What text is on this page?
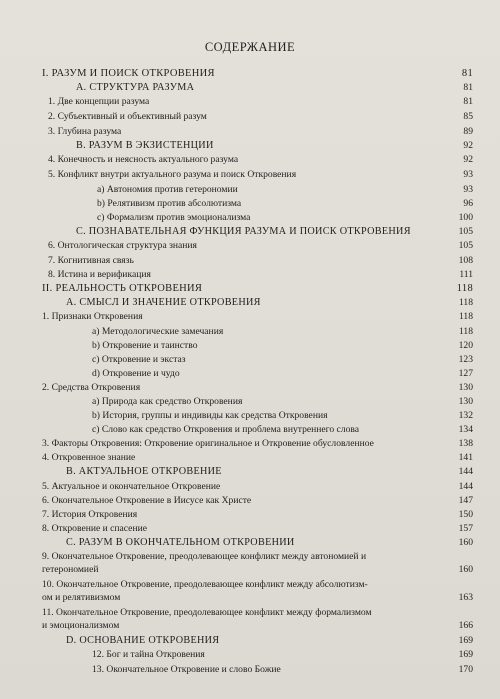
СОДЕРЖАНИЕ
I. РАЗУМ И ПОИСК ОТКРОВЕНИЯ	81
А. СТРУКТУРА РАЗУМА	81
1. Две концепции разума	81
2. Субъективный и объективный разум	85
3. Глубина разума	89
В. РАЗУМ В ЭКЗИСТЕНЦИИ	92
4. Конечность и неясность актуального разума	92
5. Конфликт внутри актуального разума и поиск Откровения	93
а) Автономия против гетерономии	93
b) Релятивизм против абсолютизма	96
с) Формализм против эмоционализма	100
С. ПОЗНАВАТЕЛЬНАЯ ФУНКЦИЯ РАЗУМА И ПОИСК ОТКРОВЕНИЯ	105
6. Онтологическая структура знания	105
7. Когнитивная связь	108
8. Истина и верификация	111
II. РЕАЛЬНОСТЬ ОТКРОВЕНИЯ	118
А. СМЫСЛ И ЗНАЧЕНИЕ ОТКРОВЕНИЯ	118
1. Признаки Откровения	118
а) Методологические замечания	118
b) Откровение и таинство	120
с) Откровение и экстаз	123
d) Откровение и чудо	127
2. Средства Откровения	130
а) Природа как средство Откровения	130
b) История, группы и индивиды как средства Откровения	132
с) Слово как средство Откровения и проблема внутреннего слова	134
3. Факторы Откровения: Откровение оригинальное и Откровение обусловленное	138
4. Откровенное знание	141
В. АКТУАЛЬНОЕ ОТКРОВЕНИЕ	144
5. Актуальное и окончательное Откровение	144
6. Окончательное Откровение в Иисусе как Христе	147
7. История Откровения	150
8. Откровение и спасение	157
С. РАЗУМ В ОКОНЧАТЕЛЬНОМ ОТКРОВЕНИИ	160
9. Окончательное Откровение, преодолевающее конфликт между автономией и
гетерономией	160
10. Окончательное Откровение, преодолевающее конфликт между абсолютизм-
ом и релятивизмом	163
11. Окончательное Откровение, преодолевающее конфликт между формализмом
и эмоционализмом	166
D. ОСНОВАНИЕ ОТКРОВЕНИЯ	169
12. Бог и тайна Откровения	169
13. Окончательное Откровение и слово Божие	170
